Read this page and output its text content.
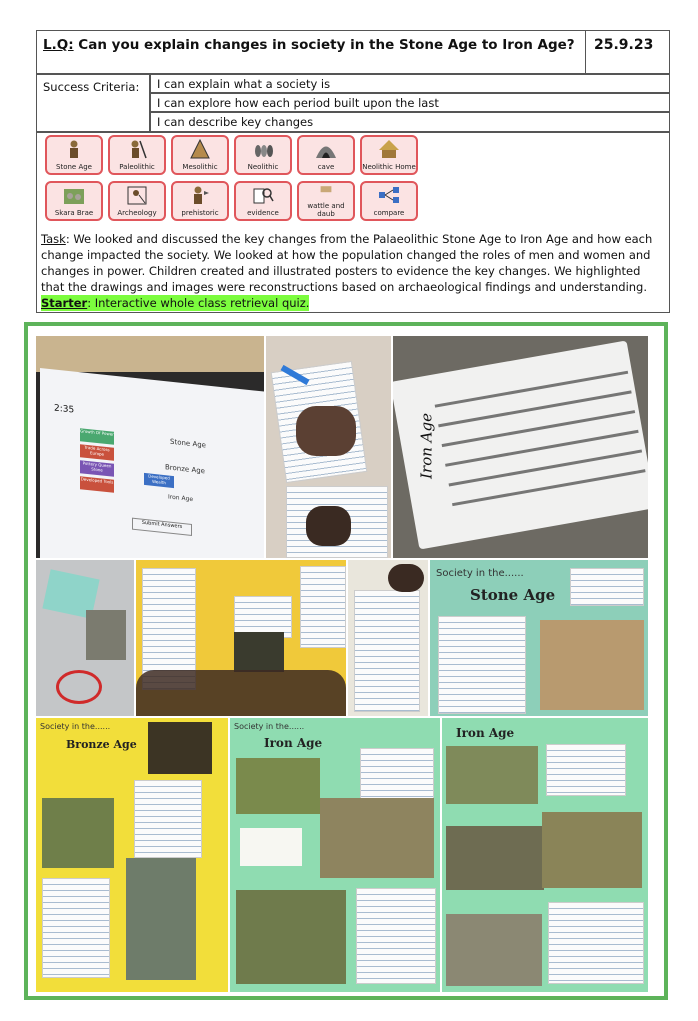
L.Q: Can you explain changes in society in the Stone Age to Iron Age? 25.9.23
Success Criteria: I can explain what a society is
I can explore how each period built upon the last
I can describe key changes
Stone Age	Paleolithic	Mesolithic	Neolithic	cave	Neolithic Home
Skara Brae	Archeology	prehistoric	evidence
wattle and daub	compare
Task: We looked and discussed the key changes from the Palaeolithic Stone Age to Iron Age and how each change impacted the society. We looked at how the population changed the roles of men and women and changes in power. Children created and illustrated posters to evidence the key changes. We highlighted that the drawings and images were reconstructions based on archaeological findings and understanding.
Starter: Interactive whole class retrieval quiz.
2:35
Stone Age
Bronze Age
Iron Age
Growth Of Power
Trade Across Europe
Pottery Queen Stone
Developed Tools	Developed Wealth
Submit Answers
Iron Age
Society in the......
Stone Age
Society in the......
Bronze Age
Society in the......
Iron Age
Iron Age
